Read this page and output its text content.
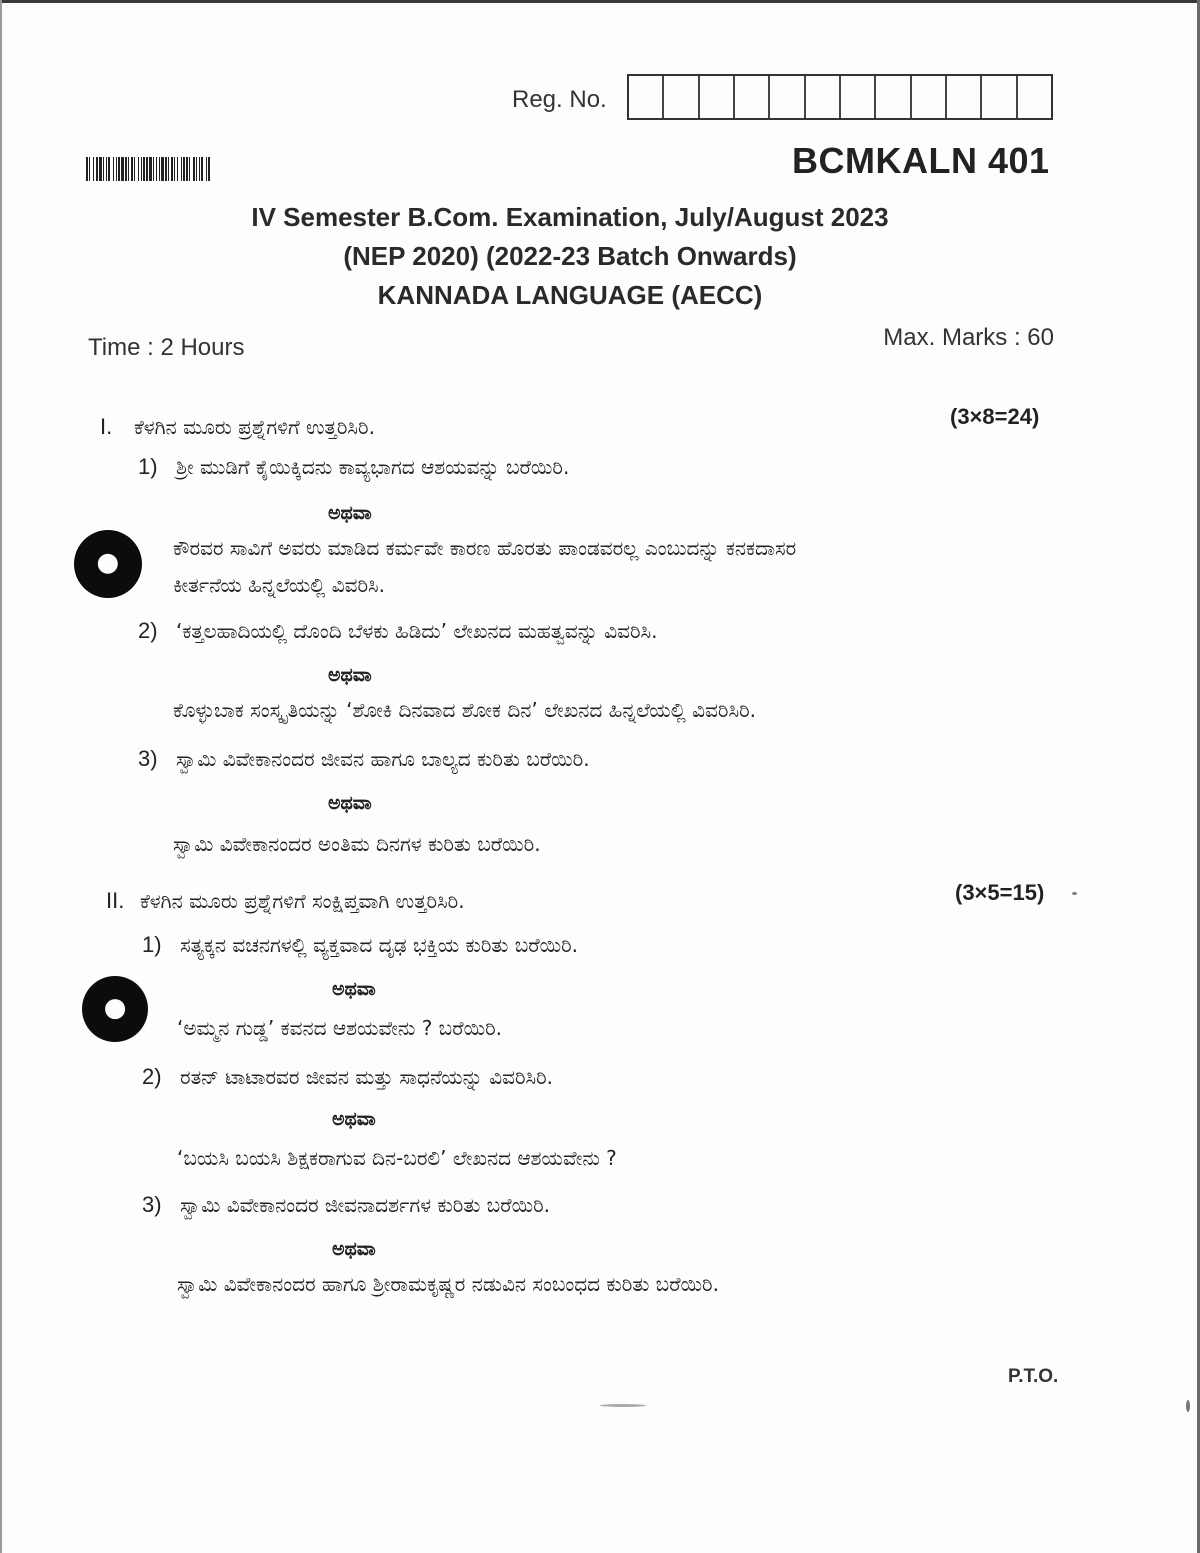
Reg. No.
BCMKALN 401
IV Semester B.Com. Examination, July/August 2023
(NEP 2020) (2022-23 Batch Onwards)
KANNADA LANGUAGE (AECC)
Time : 2 Hours	Max. Marks : 60
I. ಕೆಳಗಿನ ಮೂರು ಪ್ರಶ್ನೆಗಳಿಗೆ ಉತ್ತರಿಸಿರಿ.	(3×8=24)
1) ಶ್ರೀ ಮುಡಿಗೆ ಕೈಯಿಕ್ಕಿದನು ಕಾವ್ಯಭಾಗದ ಆಶಯವನ್ನು ಬರೆಯಿರಿ.
ಅಥವಾ
ಕೌರವರ ಸಾವಿಗೆ ಅವರು ಮಾಡಿದ ಕರ್ಮವೇ ಕಾರಣ ಹೊರತು ಪಾಂಡವರಲ್ಲ ಎಂಬುದನ್ನು ಕನಕದಾಸರ
ಕೀರ್ತನೆಯ ಹಿನ್ನಲೆಯಲ್ಲಿ ವಿವರಿಸಿ.
2) ‘ಕತ್ತಲಹಾದಿಯಲ್ಲಿ ದೊಂದಿ ಬೆಳಕು ಹಿಡಿದು’ ಲೇಖನದ ಮಹತ್ವವನ್ನು ವಿವರಿಸಿ.
ಅಥವಾ
ಕೊಳ್ಳುಬಾಕ ಸಂಸ್ಕೃತಿಯನ್ನು ‘ಶೋಕಿ ದಿನವಾದ ಶೋಕ ದಿನ’ ಲೇಖನದ ಹಿನ್ನಲೆಯಲ್ಲಿ ವಿವರಿಸಿರಿ.
3) ಸ್ವಾಮಿ ವಿವೇಕಾನಂದರ ಜೀವನ ಹಾಗೂ ಬಾಲ್ಯದ ಕುರಿತು ಬರೆಯಿರಿ.
ಅಥವಾ
ಸ್ವಾಮಿ ವಿವೇಕಾನಂದರ ಅಂತಿಮ ದಿನಗಳ ಕುರಿತು ಬರೆಯಿರಿ.
II. ಕೆಳಗಿನ ಮೂರು ಪ್ರಶ್ನೆಗಳಿಗೆ ಸಂಕ್ಷಿಪ್ತವಾಗಿ ಉತ್ತರಿಸಿರಿ.	(3×5=15)
1) ಸತ್ಯಕ್ಕನ ವಚನಗಳಲ್ಲಿ ವ್ಯಕ್ತವಾದ ದೃಢ ಭಕ್ತಿಯ ಕುರಿತು ಬರೆಯಿರಿ.
ಅಥವಾ
‘ಅಮ್ಮನ ಗುಡ್ಡ’ ಕವನದ ಆಶಯವೇನು ? ಬರೆಯಿರಿ.
2) ರತನ್ ಟಾಟಾರವರ ಜೀವನ ಮತ್ತು ಸಾಧನೆಯನ್ನು ವಿವರಿಸಿರಿ.
ಅಥವಾ
‘ಬಯಸಿ ಬಯಸಿ ಶಿಕ್ಷಕರಾಗುವ ದಿನ-ಬರಲಿ’ ಲೇಖನದ ಆಶಯವೇನು ?
3) ಸ್ವಾಮಿ ವಿವೇಕಾನಂದರ ಜೀವನಾದರ್ಶಗಳ ಕುರಿತು ಬರೆಯಿರಿ.
ಅಥವಾ
ಸ್ವಾಮಿ ವಿವೇಕಾನಂದರ ಹಾಗೂ ಶ್ರೀರಾಮಕೃಷ್ಣರ ನಡುವಿನ ಸಂಬಂಧದ ಕುರಿತು ಬರೆಯಿರಿ.
P.T.O.
